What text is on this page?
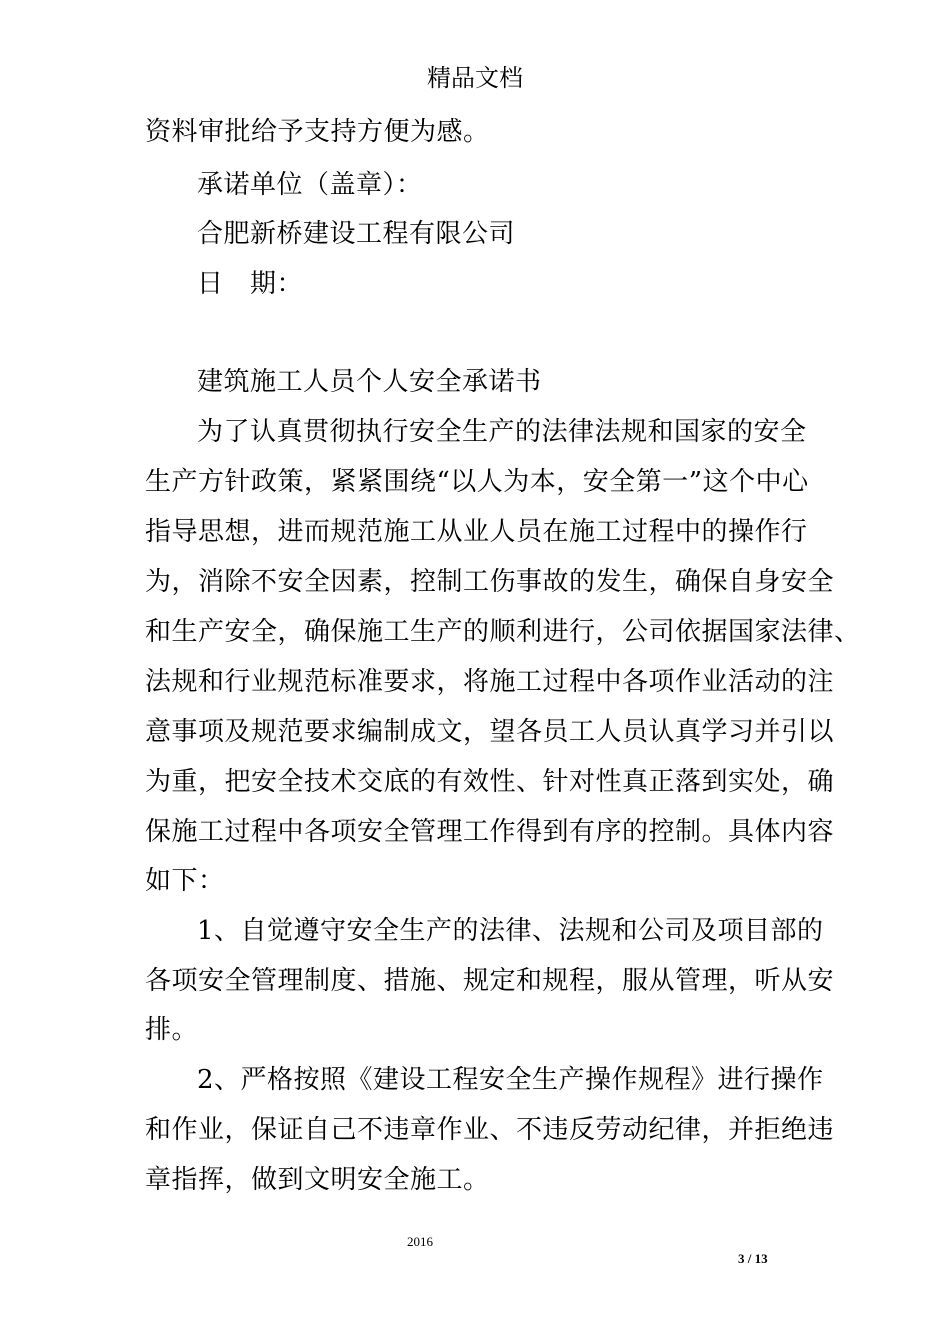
精品文档
资料审批给予支持方便为感。
承诺单位（盖章）：
合肥新桥建设工程有限公司
日　期：
建筑施工人员个人安全承诺书
为了认真贯彻执行安全生产的法律法规和国家的安全
生产方针政策，紧紧围绕“以人为本，安全第一”这个中心
指导思想，进而规范施工从业人员在施工过程中的操作行
为，消除不安全因素，控制工伤事故的发生，确保自身安全
和生产安全，确保施工生产的顺利进行，公司依据国家法律、
法规和行业规范标准要求，将施工过程中各项作业活动的注
意事项及规范要求编制成文，望各员工人员认真学习并引以
为重，把安全技术交底的有效性、针对性真正落到实处，确
保施工过程中各项安全管理工作得到有序的控制。具体内容
如下：
1、自觉遵守安全生产的法律、法规和公司及项目部的
各项安全管理制度、措施、规定和规程，服从管理，听从安
排。
2、严格按照《建设工程安全生产操作规程》进行操作
和作业，保证自己不违章作业、不违反劳动纪律，并拒绝违
章指挥，做到文明安全施工。
2016
3 / 13
